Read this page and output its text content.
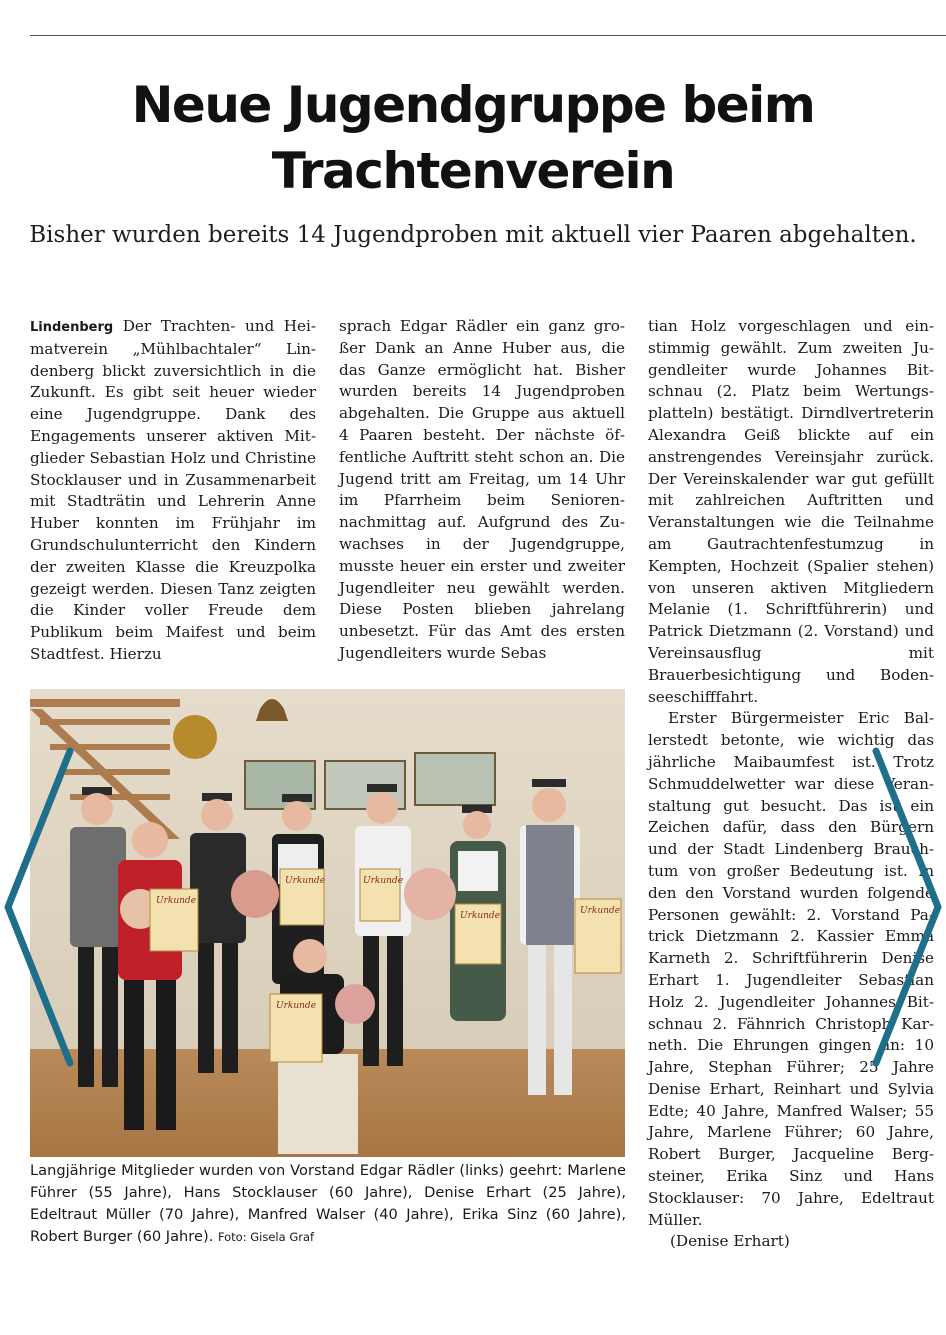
Neue Jugendgruppe beim Trachtenverein
Bisher wurden bereits 14 Jugendproben mit aktuell vier Paaren abgehalten.
Lindenberg Der Trachten- und Heimatverein „Mühlbachtaler“ Lindenberg blickt zuversichtlich in die Zukunft. Es gibt seit heuer wieder eine Jugendgruppe. Dank des Engagements unserer aktiven Mitglieder Sebastian Holz und Christine Stocklauser und in Zusammenarbeit mit Stadträtin und Lehrerin Anne Huber konnten im Frühjahr im Grundschulunterricht den Kindern der zweiten Klasse die Kreuzpolka gezeigt werden. Diesen Tanz zeigten die Kinder voller Freude dem Publikum beim Maifest und beim Stadtfest. Hierzu
sprach Edgar Rädler ein ganz großer Dank an Anne Huber aus, die das Ganze ermöglicht hat. Bisher wurden bereits 14 Jugendproben abgehalten. Die Gruppe aus aktuell 4 Paaren besteht. Der nächste öffentliche Auftritt steht schon an. Die Jugend tritt am Freitag, um 14 Uhr im Pfarrheim beim Seniorennachmittag auf. Aufgrund des Zuwachses in der Jugendgruppe, musste heuer ein erster und zweiter Jugendleiter neu gewählt werden. Diese Posten blieben jahrelang unbesetzt. Für das Amt des ersten Jugendleiters wurde Sebas
tian Holz vorgeschlagen und einstimmig gewählt. Zum zweiten Jugendleiter wurde Johannes Bitschnau (2. Platz beim Wertungsplatteln) bestätigt. Dirndlvertreterin Alexandra Geiß blickte auf ein anstrengendes Vereinsjahr zurück. Der Vereinskalender war gut gefüllt mit zahlreichen Auftritten und Veranstaltungen wie die Teilnahme am Gautrachtenfestumzug in Kempten, Hochzeit (Spalier stehen) von unseren aktiven Mitgliedern Melanie (1. Schriftführerin) und Patrick Dietzmann (2. Vorstand) und Vereinsausflug mit Brauerbesichtigung und Bodenseeschifffahrt.
Erster Bürgermeister Eric Ballerstedt betonte, wie wichtig das jährliche Maibaumfest ist. Trotz Schmuddelwetter war diese Veranstaltung gut besucht. Das ist ein Zeichen dafür, dass den Bürgern und der Stadt Lindenberg Brauchtum von großer Bedeutung ist. In den den Vorstand wurden folgende Personen gewählt: 2. Vorstand Patrick Dietzmann 2. Kassier Emma Karneth 2. Schriftführerin Denise Erhart 1. Jugendleiter Sebastian Holz 2. Jugendleiter Johannes Bitschnau 2. Fähnrich Christoph Karneth. Die Ehrungen gingen an: 10 Jahre, Stephan Führer; 25 Jahre Denise Erhart, Reinhart und Sylvia Edte; 40 Jahre, Manfred Walser; 55 Jahre, Marlene Führer; 60 Jahre, Robert Burger, Jacqueline Bergsteiner, Erika Sinz und Hans Stocklauser: 70 Jahre, Edeltraut Müller.
(Denise Erhart)
Urkunde
Urkunde	Urkunde
Urkunde	Urkunde
Urkunde
Langjährige Mitglieder wurden von Vorstand Edgar Rädler (links) geehrt: Marlene Führer (55 Jahre), Hans Stocklauser (60 Jahre), Denise Erhart (25 Jahre), Edeltraut Müller (70 Jahre), Manfred Walser (40 Jahre), Erika Sinz (60 Jahre), Robert Burger (60 Jahre). Foto: Gisela Graf
